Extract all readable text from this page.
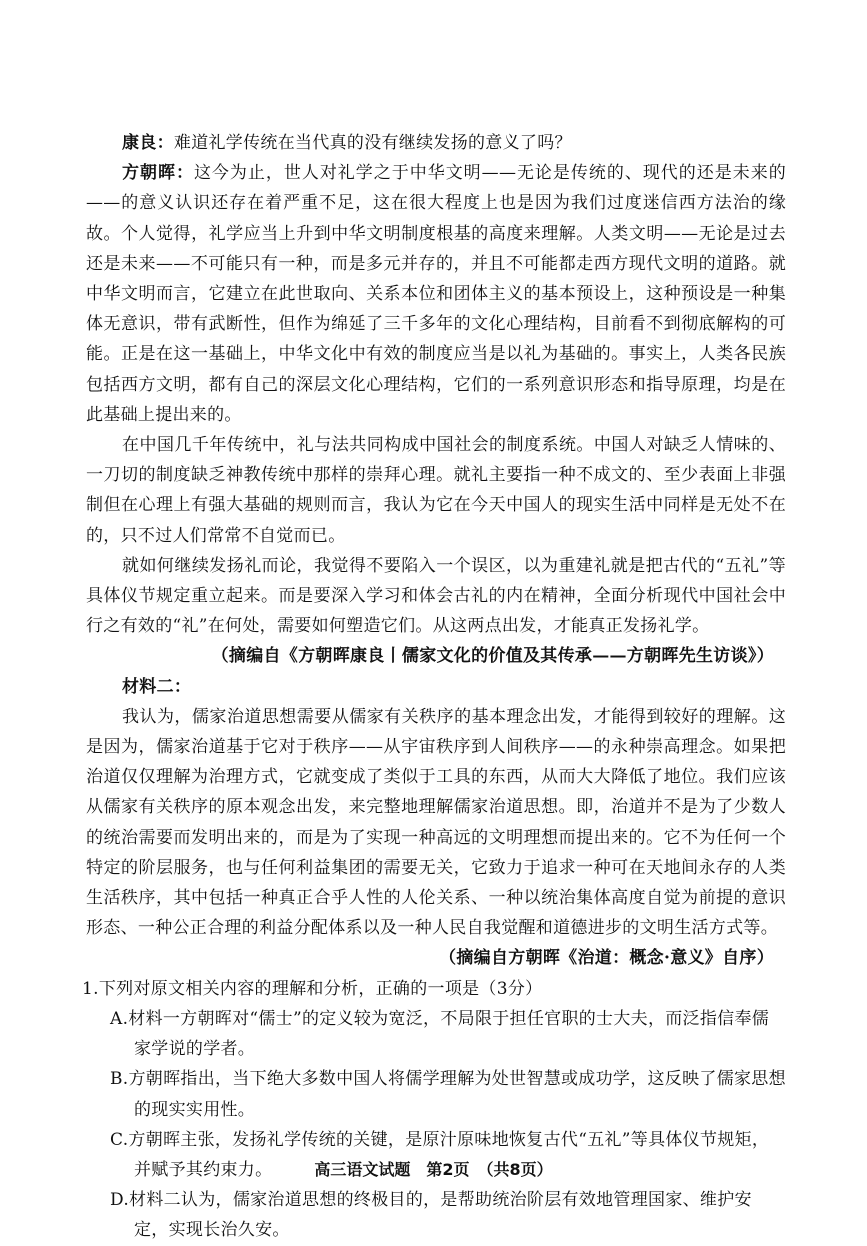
康良：难道礼学传统在当代真的没有继续发扬的意义了吗？

方朝晖：这今为止，世人对礼学之于中华文明——无论是传统的、现代的还是未来的——的意义认识还存在着严重不足，这在很大程度上也是因为我们过度迷信西方法治的缘故。个人觉得，礼学应当上升到中华文明制度根基的高度来理解。人类文明——无论是过去还是未来——不可能只有一种，而是多元并存的，并且不可能都走西方现代文明的道路。就中华文明而言，它建立在此世取向、关系本位和团体主义的基本预设上，这种预设是一种集体无意识，带有武断性，但作为绵延了三千多年的文化心理结构，目前看不到彻底解构的可能。正是在这一基础上，中华文化中有效的制度应当是以礼为基础的。事实上，人类各民族包括西方文明，都有自己的深层文化心理结构，它们的一系列意识形态和指导原理，均是在此基础上提出来的。

在中国几千年传统中，礼与法共同构成中国社会的制度系统。中国人对缺乏人情味的、一刀切的制度缺乏神教传统中那样的崇拜心理。就礼主要指一种不成文的、至少表面上非强制但在心理上有强大基础的规则而言，我认为它在今天中国人的现实生活中同样是无处不在的，只不过人们常常不自觉而已。

就如何继续发扬礼而论，我觉得不要陷入一个误区，以为重建礼就是把古代的“五礼”等具体仪节规定重立起来。而是要深入学习和体会古礼的内在精神，全面分析现代中国社会中行之有效的“礼”在何处，需要如何塑造它们。从这两点出发，才能真正发扬礼学。

（摘编自《方朝晖康良丨儒家文化的价值及其传承——方朝晖先生访谈》）

材料二：

我认为，儒家治道思想需要从儒家有关秩序的基本理念出发，才能得到较好的理解。这是因为，儒家治道基于它对于秩序——从宇宙秩序到人间秩序——的永种崇高理念。如果把治道仅仅理解为治理方式，它就变成了类似于工具的东西，从而大大降低了地位。我们应该从儒家有关秩序的原本观念出发，来完整地理解儒家治道思想。即，治道并不是为了少数人的统治需要而发明出来的，而是为了实现一种高远的文明理想而提出来的。它不为任何一个特定的阶层服务，也与任何利益集团的需要无关，它致力于追求一种可在天地间永存的人类生活秩序，其中包括一种真正合乎人性的人伦关系、一种以统治集体高度自觉为前提的意识形态、一种公正合理的利益分配体系以及一种人民自我觉醒和道德进步的文明生活方式等。

（摘编自方朝晖《治道：概念·意义》自序）

1.下列对原文相关内容的理解和分析，正确的一项是（3分）

A.材料一方朝晖对“儒士”的定义较为宽泛，不局限于担任官职的士大夫，而泛指信奉儒家学说的学者。

B.方朝晖指出，当下绝大多数中国人将儒学理解为处世智慧或成功学，这反映了儒家思想的现实实用性。

C.方朝晖主张，发扬礼学传统的关键，是原汁原味地恢复古代“五礼”等具体仪节规矩，并赋予其约束力。

D.材料二认为，儒家治道思想的终极目的，是帮助统治阶层有效地管理国家、维护安定，实现长治久安。

高三语文试题　第2页　（共8页）
